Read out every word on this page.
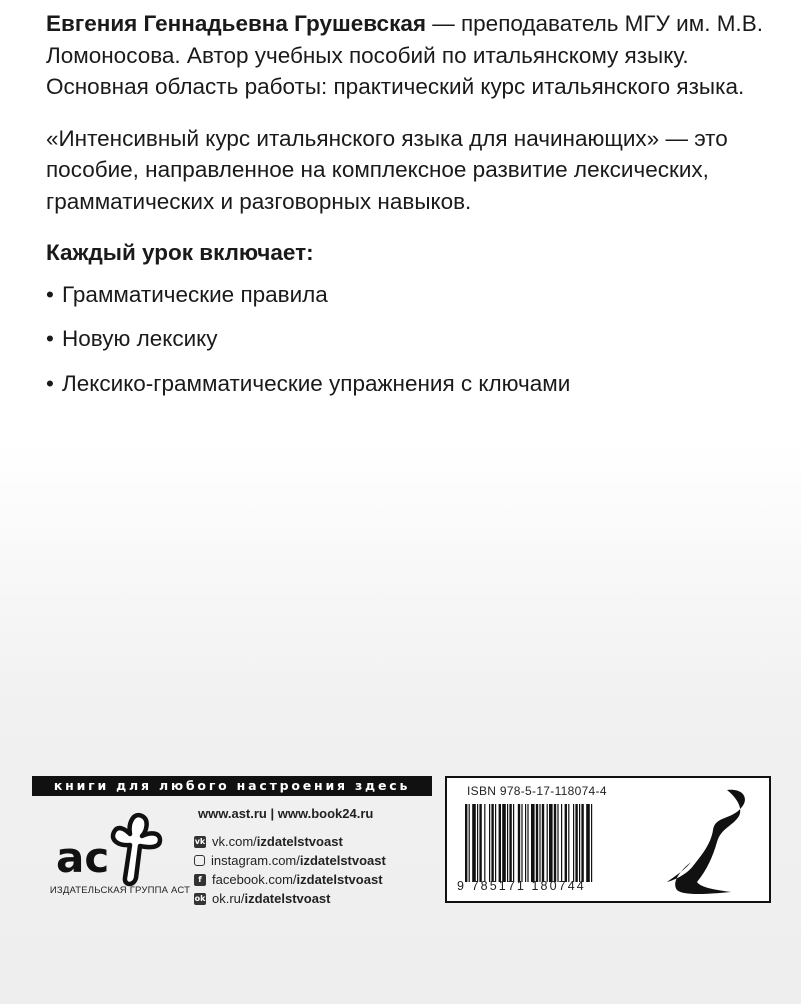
Евгения Геннадьевна Грушевская — преподаватель МГУ им. М.В. Ломоносова. Автор учебных пособий по итальянскому языку. Основная область работы: практический курс итальянского языка.

«Интенсивный курс итальянского языка для начинающих» — это пособие, направленное на комплексное развитие лексических, грамматических и разговорных навыков.

Каждый урок включает:

• Грамматические правила
• Новую лексику
• Лексико-грамматические упражнения с ключами
книги для любого настроения здесь
ac
ИЗДАТЕЛЬСКАЯ ГРУППА АСТ
www.ast.ru | www.book24.ru
vk vk.com/ izdatelstvoast
instagram.com/ izdatelstvoast
f facebook.com/ izdatelstvoast
ok ok.ru/ izdatelstvoast
ISBN 978-5-17-118074-4
9 785171 180744
